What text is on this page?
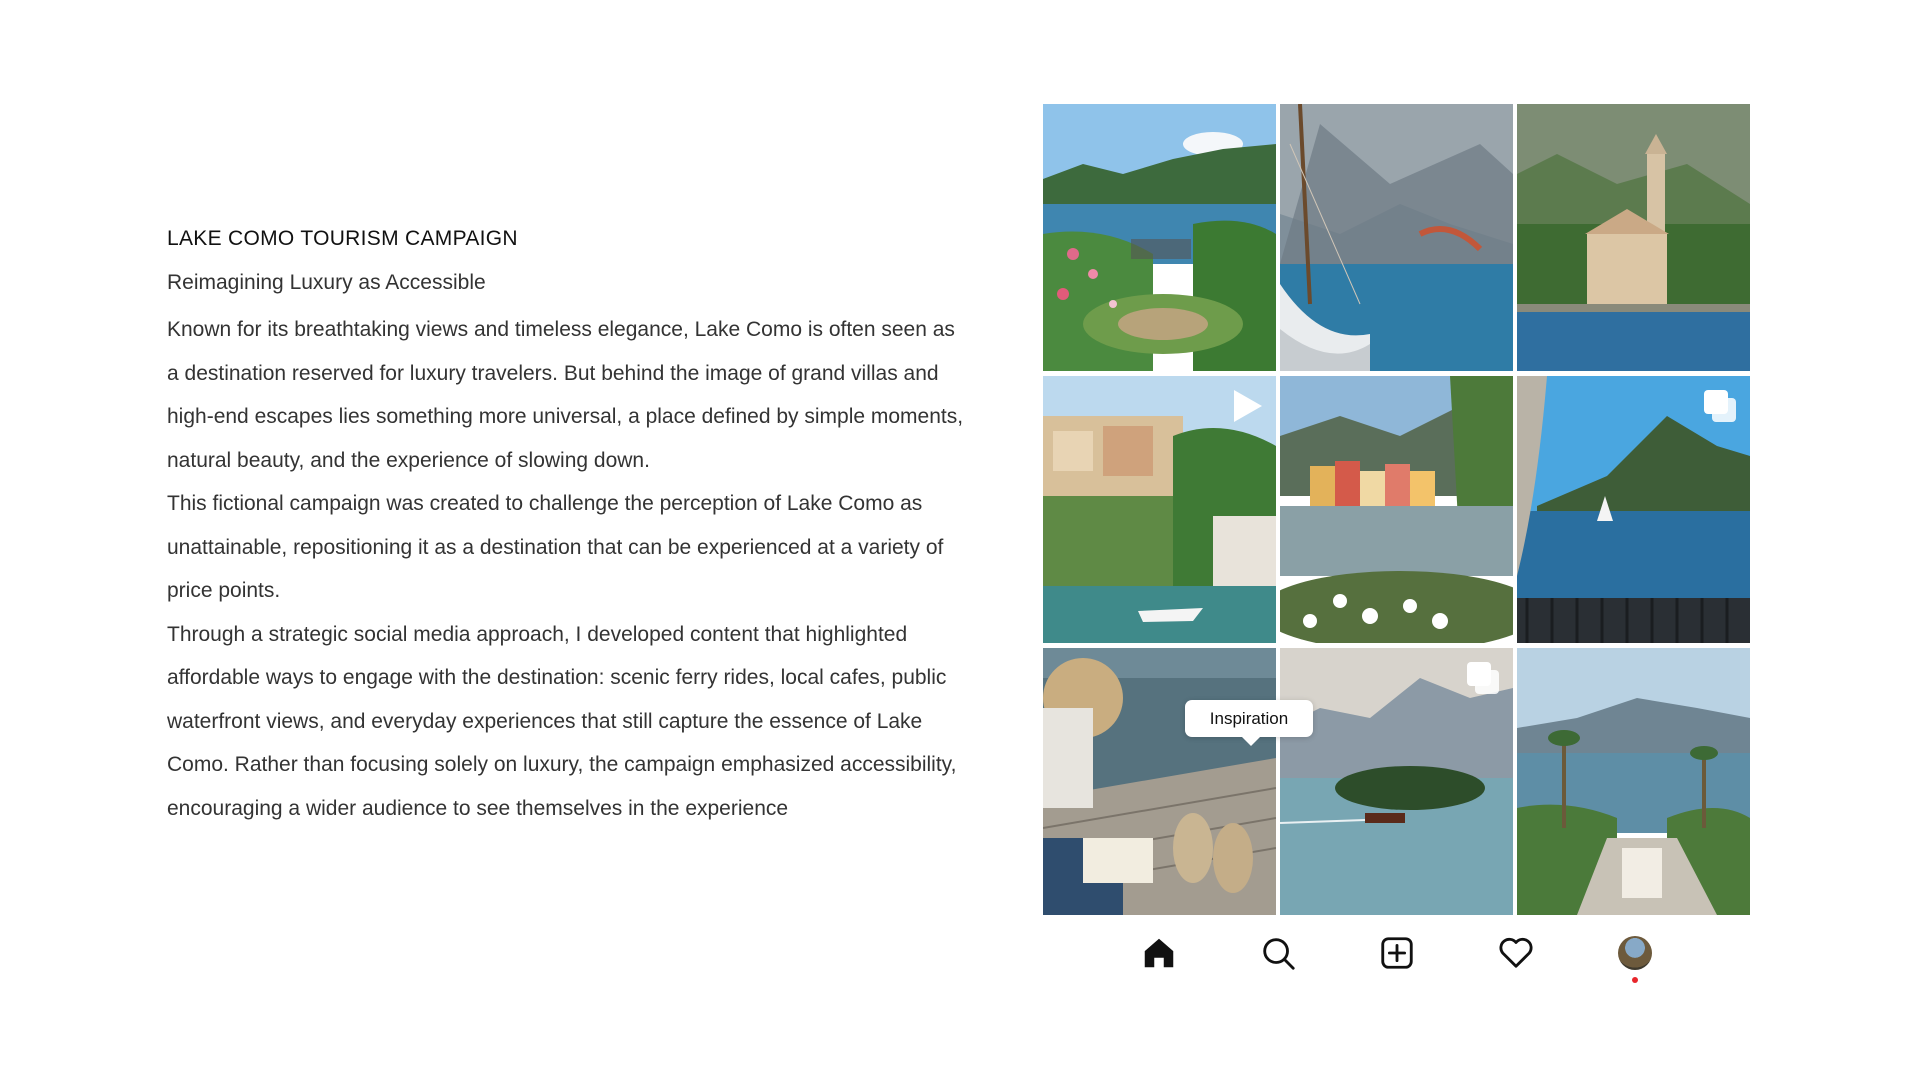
LAKE COMO TOURISM CAMPAIGN
Reimagining Luxury as Accessible

Known for its breathtaking views and timeless elegance, Lake Como is often seen as a destination reserved for luxury travelers. But behind the image of grand villas and high-end escapes lies something more universal, a place defined by simple moments, natural beauty, and the experience of slowing down.

This fictional campaign was created to challenge the perception of Lake Como as unattainable, repositioning it as a destination that can be experienced at a variety of price points.

Through a strategic social media approach, I developed content that highlighted affordable ways to engage with the destination: scenic ferry rides, local cafes, public waterfront views, and everyday experiences that still capture the essence of Lake Como. Rather than focusing solely on luxury, the campaign emphasized accessibility, encouraging a wider audience to see themselves in the experience

Inspiration
